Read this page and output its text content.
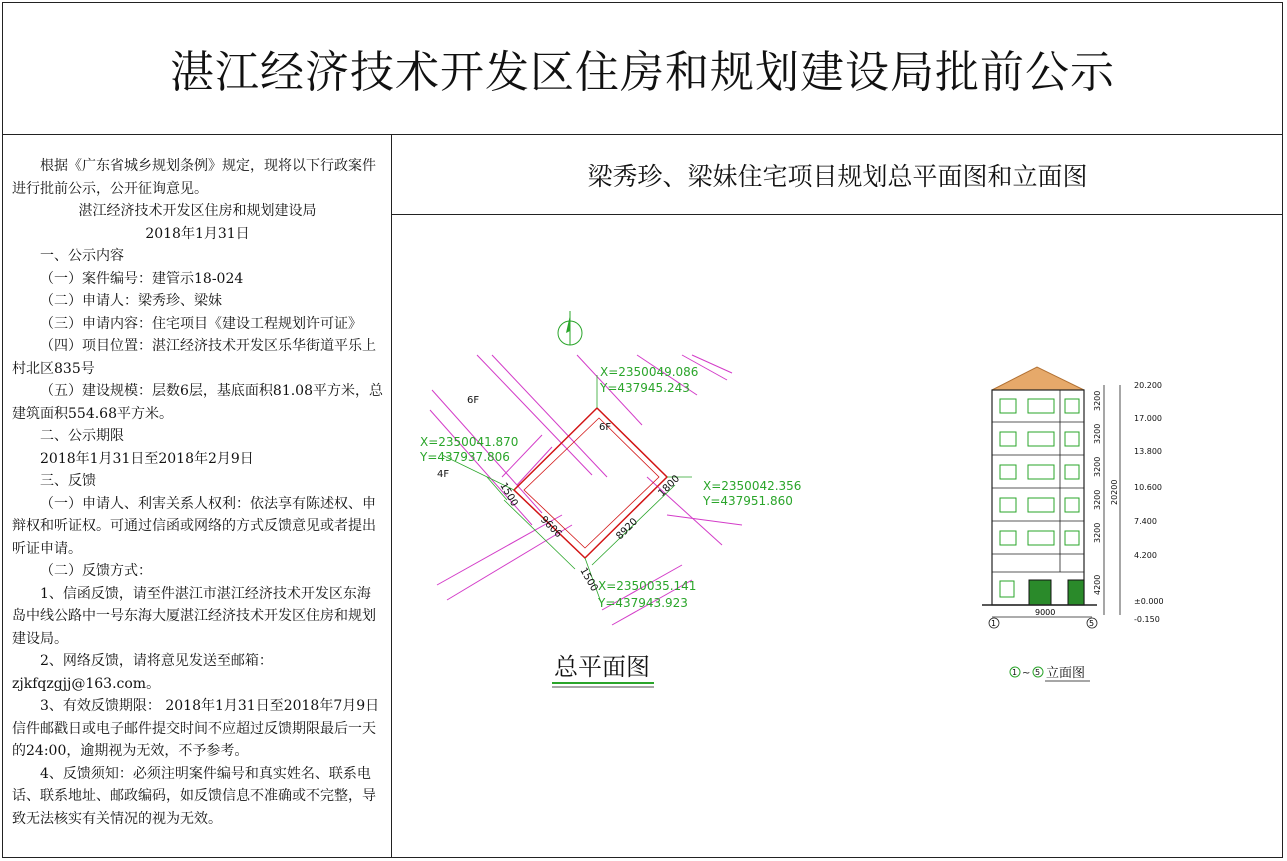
湛江经济技术开发区住房和规划建设局批前公示

根据《广东省城乡规划条例》规定，现将以下行政案件进行批前公示，公开征询意见。

湛江经济技术开发区住房和规划建设局

2018年1月31日

一、公示内容

（一）案件编号：建管示18-024

（二）申请人：梁秀珍、梁妹

（三）申请内容：住宅项目《建设工程规划许可证》

（四）项目位置：湛江经济技术开发区乐华街道平乐上村北区835号

（五）建设规模：层数6层，基底面积81.08平方米，总建筑面积554.68平方米。

二、公示期限

2018年1月31日至2018年2月9日

三、反馈

（一）申请人、利害关系人权利：依法享有陈述权、申辩权和听证权。可通过信函或网络的方式反馈意见或者提出听证申请。

（二）反馈方式：

1、信函反馈，请至件湛江市湛江经济技术开发区东海岛中线公路中一号东海大厦湛江经济技术开发区住房和规划建设局。

2、网络反馈，请将意见发送至邮箱：

zjkfqzgjj@163.com。

3、有效反馈期限： 2018年1月31日至2018年7月9日信件邮戳日或电子邮件提交时间不应超过反馈期限最后一天的24:00，逾期视为无效，不予参考。

4、反馈须知：必须注明案件编号和真实姓名、联系电话、联系地址、邮政编码，如反馈信息不准确或不完整，导致无法核实有关情况的视为无效。

梁秀珍、梁妹住宅项目规划总平面图和立面图
X=2350049.086
Y=437945.243
X=2350041.870
Y=437937.806
X=2350042.356
Y=437951.860
X=2350035.141
Y=437943.923
1500	1800
9606	8920
1500
6F
4F
6F
总平面图
9000
1	5
3200
3200
3200
3200
3200
4200
20200
20.200
17.000
13.800
10.600
7.400
4.200
±0.000
-0.150
1 ~ 5 立面图
